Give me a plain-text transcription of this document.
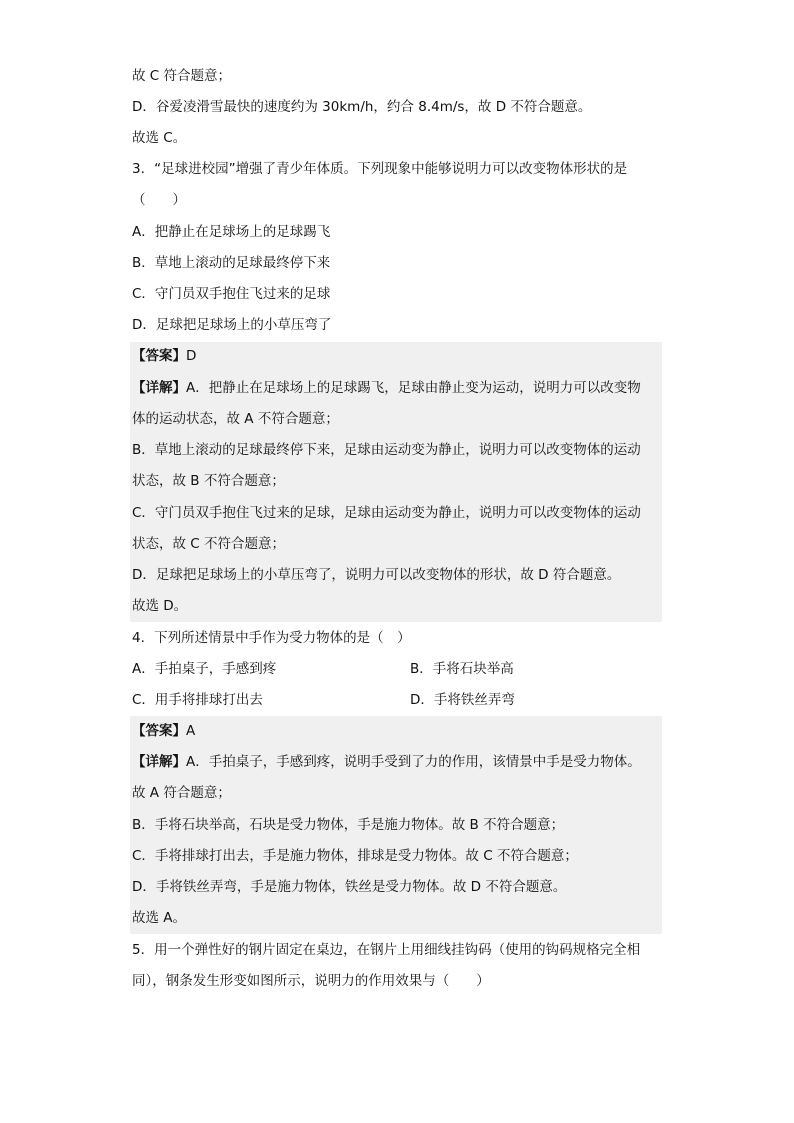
故 C 符合题意；
D．谷爱凌滑雪最快的速度约为 30km/h，约合 8.4m/s，故 D 不符合题意。
故选 C。
3．“足球进校园”增强了青少年体质。下列现象中能够说明力可以改变物体形状的是
（　　）
A．把静止在足球场上的足球踢飞
B．草地上滚动的足球最终停下来
C．守门员双手抱住飞过来的足球
D．足球把足球场上的小草压弯了
【答案】D
【详解】A．把静止在足球场上的足球踢飞，足球由静止变为运动，说明力可以改变物
体的运动状态，故 A 不符合题意；
B．草地上滚动的足球最终停下来，足球由运动变为静止，说明力可以改变物体的运动
状态，故 B 不符合题意；
C．守门员双手抱住飞过来的足球，足球由运动变为静止，说明力可以改变物体的运动
状态，故 C 不符合题意；
D．足球把足球场上的小草压弯了，说明力可以改变物体的形状，故 D 符合题意。
故选 D。
4．下列所述情景中手作为受力物体的是（　）
A．手拍桌子，手感到疼	B．手将石块举高
C．用手将排球打出去	D．手将铁丝弄弯
【答案】A
【详解】A．手拍桌子，手感到疼，说明手受到了力的作用，该情景中手是受力物体。
故 A 符合题意；
B．手将石块举高，石块是受力物体，手是施力物体。故 B 不符合题意；
C．手将排球打出去，手是施力物体，排球是受力物体。故 C 不符合题意；
D．手将铁丝弄弯，手是施力物体，铁丝是受力物体。故 D 不符合题意。
故选 A。
5．用一个弹性好的钢片固定在桌边，在钢片上用细线挂钩码（使用的钩码规格完全相
同），钢条发生形变如图所示，说明力的作用效果与（　　）
